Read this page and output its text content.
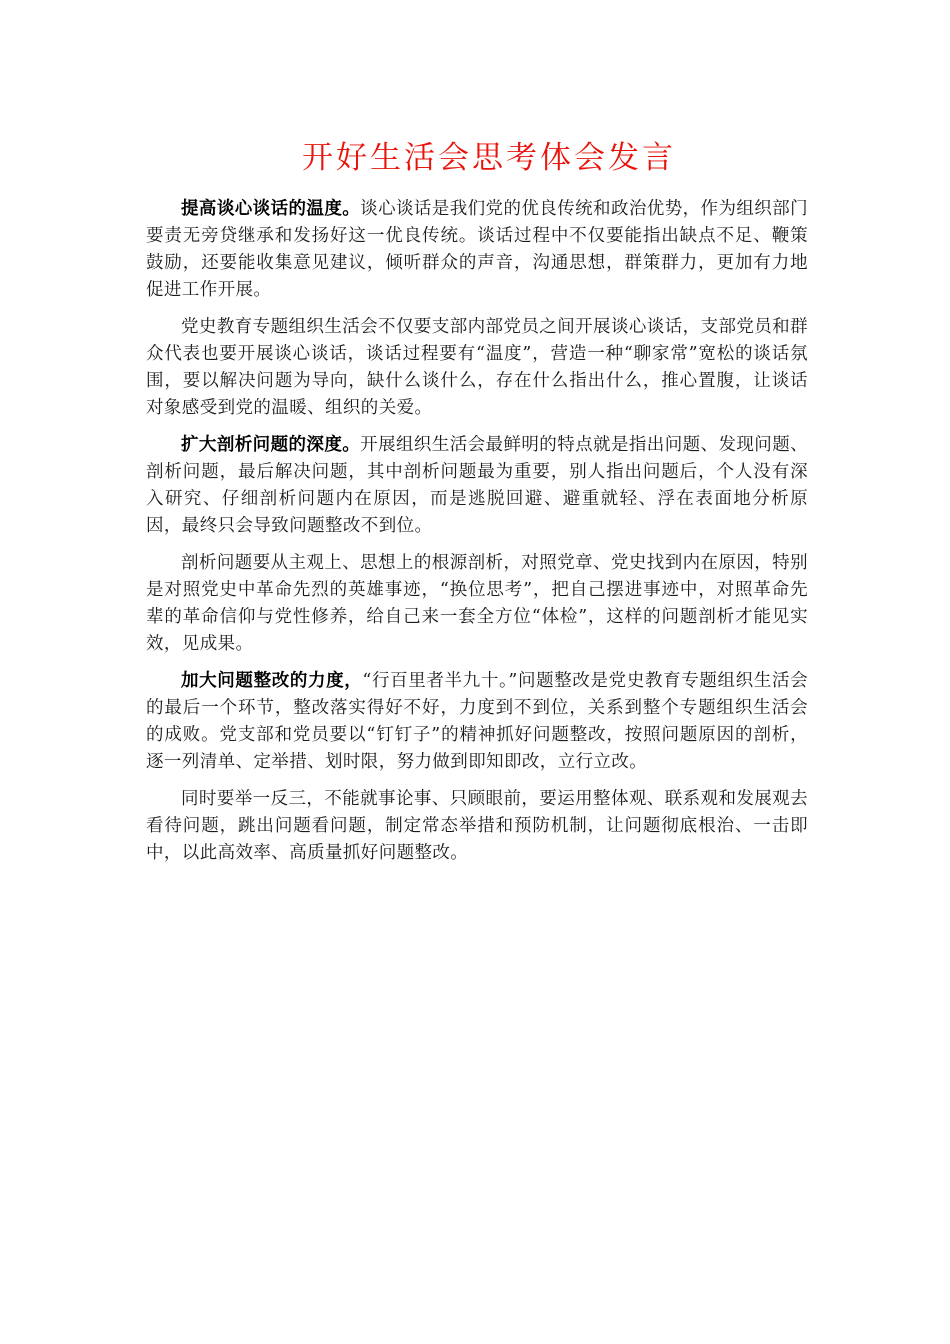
开好生活会思考体会发言

提高谈心谈话的温度。谈心谈话是我们党的优良传统和政治优势，作为组织部门要责无旁贷继承和发扬好这一优良传统。谈话过程中不仅要能指出缺点不足、鞭策鼓励，还要能收集意见建议，倾听群众的声音，沟通思想，群策群力，更加有力地促进工作开展。

党史教育专题组织生活会不仅要支部内部党员之间开展谈心谈话，支部党员和群众代表也要开展谈心谈话，谈话过程要有“温度”，营造一种“聊家常”宽松的谈话氛围，要以解决问题为导向，缺什么谈什么，存在什么指出什么，推心置腹，让谈话对象感受到党的温暖、组织的关爱。

扩大剖析问题的深度。开展组织生活会最鲜明的特点就是指出问题、发现问题、剖析问题，最后解决问题，其中剖析问题最为重要，别人指出问题后，个人没有深入研究、仔细剖析问题内在原因，而是逃脱回避、避重就轻、浮在表面地分析原因，最终只会导致问题整改不到位。

剖析问题要从主观上、思想上的根源剖析，对照党章、党史找到内在原因，特别是对照党史中革命先烈的英雄事迹，“换位思考”，把自己摆进事迹中，对照革命先辈的革命信仰与党性修养，给自己来一套全方位“体检”，这样的问题剖析才能见实效，见成果。

加大问题整改的力度，“行百里者半九十。”问题整改是党史教育专题组织生活会的最后一个环节，整改落实得好不好，力度到不到位，关系到整个专题组织生活会的成败。党支部和党员要以“钉钉子”的精神抓好问题整改，按照问题原因的剖析，逐一列清单、定举措、划时限，努力做到即知即改，立行立改。

同时要举一反三，不能就事论事、只顾眼前，要运用整体观、联系观和发展观去看待问题，跳出问题看问题，制定常态举措和预防机制，让问题彻底根治、一击即中，以此高效率、高质量抓好问题整改。
